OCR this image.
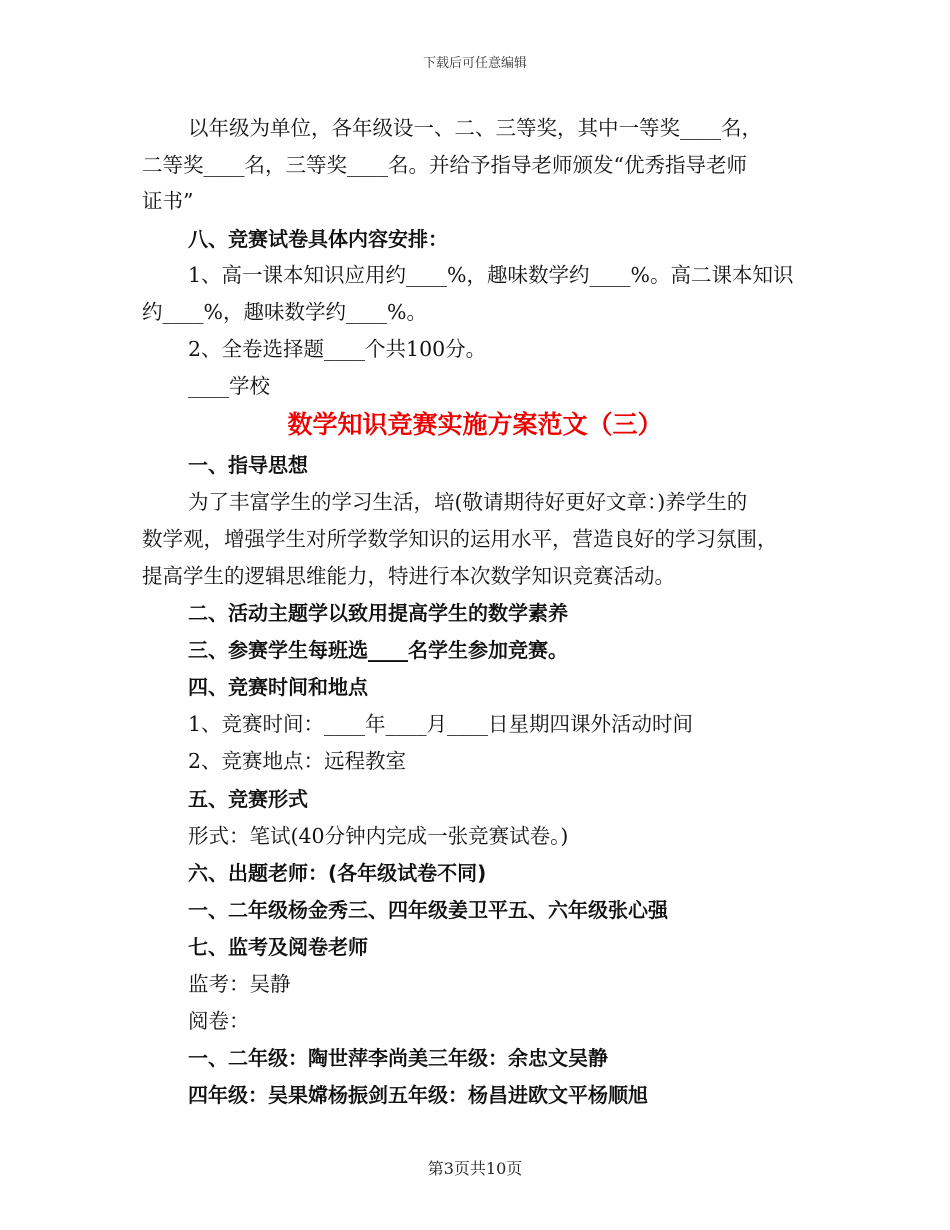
下载后可任意编辑
以年级为单位，各年级设一、二、三等奖，其中一等奖____名，
二等奖____名，三等奖____名。并给予指导老师颁发“优秀指导老师
证书”
八、竞赛试卷具体内容安排：
1、高一课本知识应用约____%，趣味数学约____%。高二课本知识
约____%，趣味数学约____%。
2、全卷选择题____个共100分。
____学校
数学知识竞赛实施方案范文（三）
一、指导思想
为了丰富学生的学习生活，培(敬请期待好更好文章：)养学生的
数学观，增强学生对所学数学知识的运用水平，营造良好的学习氛围，
提高学生的逻辑思维能力，特进行本次数学知识竞赛活动。
二、活动主题学以致用提高学生的数学素养
三、参赛学生每班选____名学生参加竞赛。
四、竞赛时间和地点
1、竞赛时间：____年____月____日星期四课外活动时间
2、竞赛地点：远程教室
五、竞赛形式
形式：笔试(40分钟内完成一张竞赛试卷。)
六、出题老师：(各年级试卷不同)
一、二年级杨金秀三、四年级姜卫平五、六年级张心强
七、监考及阅卷老师
监考：吴静
阅卷：
一、二年级：陶世萍李尚美三年级：余忠文吴静
四年级：吴果嫦杨振剑五年级：杨昌进欧文平杨顺旭
第3页共10页
